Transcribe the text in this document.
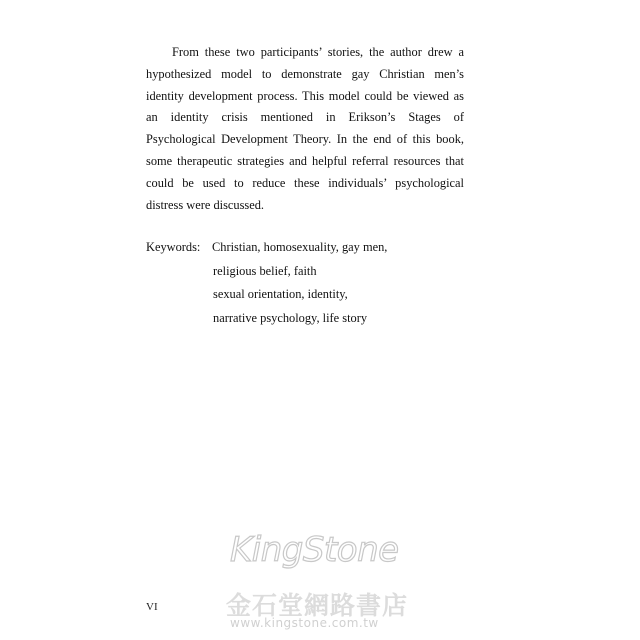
From these two participants’ stories, the author drew a hypothesized model to demonstrate gay Christian men’s identity development process. This model could be viewed as an identity crisis mentioned in Erikson’s Stages of Psychological Development Theory. In the end of this book, some therapeutic strategies and helpful referral resources that could be used to reduce these individuals’ psychological distress were discussed.

Keywords: Christian, homosexuality, gay men,
religious belief, faith
sexual orientation, identity,
narrative psychology, life story
KingStone
金石堂網路書店
www.kingstone.com.tw
VI
